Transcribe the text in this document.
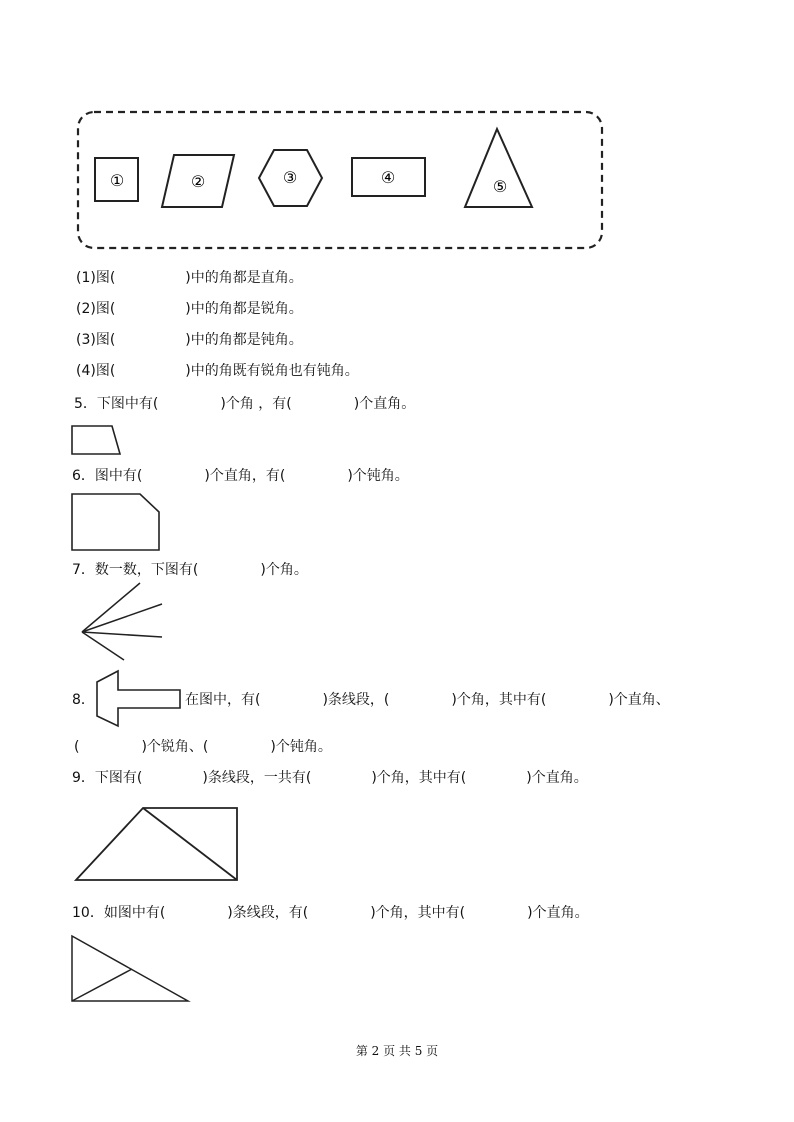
①	②	③	④	⑤
(1)图(	)中的角都是直角。
(2)图(	)中的角都是锐角。
(3)图(	)中的角都是钝角。
(4)图(	)中的角既有锐角也有钝角。
5．下图中有(	)个角 ，有(	)个直角。
6．图中有(	)个直角，有(	)个钝角。
7．数一数，下图有(	)个角。
8．	在图中，有(	)条线段，(	)个角，其中有(	)个直角、
(	)个锐角、(	)个钝角。
9．下图有(	)条线段，一共有(	)个角，其中有(	)个直角。
10．如图中有(	)条线段，有(	)个角，其中有(	)个直角。
第 2 页 共 5 页
